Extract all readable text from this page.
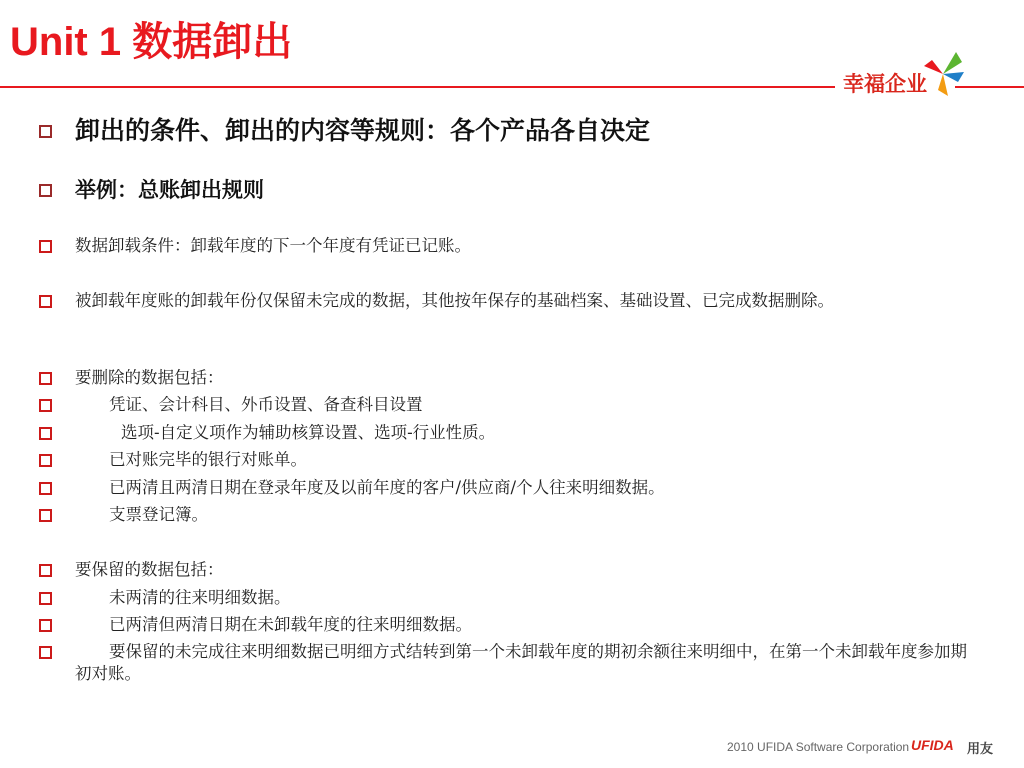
Unit 1 数据卸出
幸福企业
卸出的条件、卸出的内容等规则：各个产品各自决定
举例：总账卸出规则
数据卸载条件：卸载年度的下一个年度有凭证已记账。
被卸载年度账的卸载年份仅保留未完成的数据，其他按年保存的基础档案、基础设置、已完成数据删除。
要删除的数据包括：
凭证、会计科目、外币设置、备查科目设置
选项-自定义项作为辅助核算设置、选项-行业性质。
已对账完毕的银行对账单。
已两清且两清日期在登录年度及以前年度的客户/供应商/个人往来明细数据。
支票登记簿。
要保留的数据包括：
未两清的往来明细数据。
已两清但两清日期在未卸载年度的往来明细数据。
要保留的未完成往来明细数据已明细方式结转到第一个未卸载年度的期初余额往来明细中，在第一个未卸载年度参加期初对账。
2010 UFIDA Software Corporation UFIDA 用友
